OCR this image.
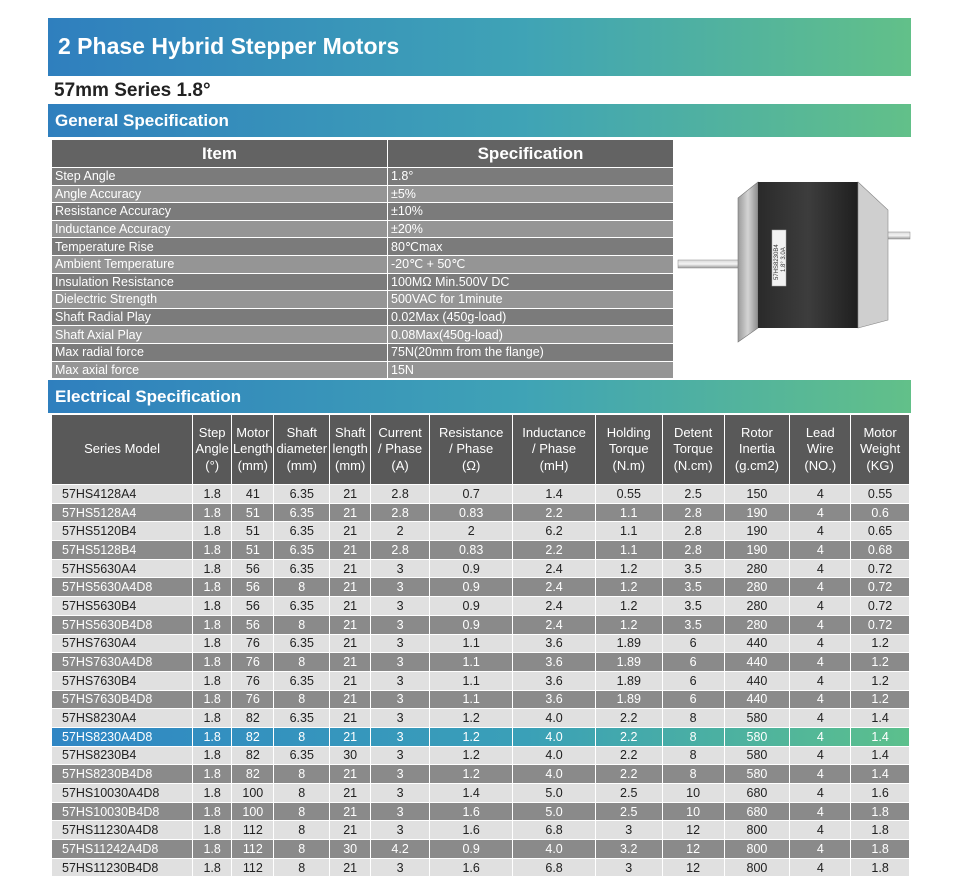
2 Phase Hybrid Stepper Motors
57mm Series 1.8°
General Specification
Item	Specification
Step Angle	1.8°
Angle Accuracy	±5%
Resistance Accuracy	±10%
Inductance Accuracy	±20%
Temperature Rise	80℃max
Ambient Temperature	-20℃ + 50℃
Insulation Resistance	100MΩ Min.500V DC
Dielectric Strength	500VAC for 1minute
Shaft Radial Play	0.02Max (450g-load)
Shaft Axial Play	0.08Max(450g-load)
Max radial force	75N(20mm from the flange)
Max axial force	15N
57HS8230B4 1.8° 3.0A
Electrical Specification
Series Model	Step
Angle
(°)	Motor
Length
(mm)	Shaft
diameter
(mm)	Shaft
length
(mm)	Current
/ Phase
(A)	Resistance
/ Phase
(Ω)	Inductance
/ Phase
(mH)	Holding
Torque
(N.m)	Detent
Torque
(N.cm)	Rotor
Inertia
(g.cm2)	Lead
Wire
(NO.)	Motor
Weight
(KG)

57HS4128A4	1.8	41	6.35	21	2.8	0.7	1.4	0.55	2.5	150	4	0.55
57HS5128A4	1.8	51	6.35	21	2.8	0.83	2.2	1.1	2.8	190	4	0.6
57HS5120B4	1.8	51	6.35	21	2	2	6.2	1.1	2.8	190	4	0.65
57HS5128B4	1.8	51	6.35	21	2.8	0.83	2.2	1.1	2.8	190	4	0.68
57HS5630A4	1.8	56	6.35	21	3	0.9	2.4	1.2	3.5	280	4	0.72
57HS5630A4D8	1.8	56	8	21	3	0.9	2.4	1.2	3.5	280	4	0.72
57HS5630B4	1.8	56	6.35	21	3	0.9	2.4	1.2	3.5	280	4	0.72
57HS5630B4D8	1.8	56	8	21	3	0.9	2.4	1.2	3.5	280	4	0.72
57HS7630A4	1.8	76	6.35	21	3	1.1	3.6	1.89	6	440	4	1.2
57HS7630A4D8	1.8	76	8	21	3	1.1	3.6	1.89	6	440	4	1.2
57HS7630B4	1.8	76	6.35	21	3	1.1	3.6	1.89	6	440	4	1.2
57HS7630B4D8	1.8	76	8	21	3	1.1	3.6	1.89	6	440	4	1.2
57HS8230A4	1.8	82	6.35	21	3	1.2	4.0	2.2	8	580	4	1.4
57HS8230A4D8	1.8	82	8	21	3	1.2	4.0	2.2	8	580	4	1.4
57HS8230B4	1.8	82	6.35	30	3	1.2	4.0	2.2	8	580	4	1.4
57HS8230B4D8	1.8	82	8	21	3	1.2	4.0	2.2	8	580	4	1.4
57HS10030A4D8	1.8	100	8	21	3	1.4	5.0	2.5	10	680	4	1.6
57HS10030B4D8	1.8	100	8	21	3	1.6	5.0	2.5	10	680	4	1.8
57HS11230A4D8	1.8	112	8	21	3	1.6	6.8	3	12	800	4	1.8
57HS11242A4D8	1.8	112	8	30	4.2	0.9	4.0	3.2	12	800	4	1.8
57HS11230B4D8	1.8	112	8	21	3	1.6	6.8	3	12	800	4	1.8
